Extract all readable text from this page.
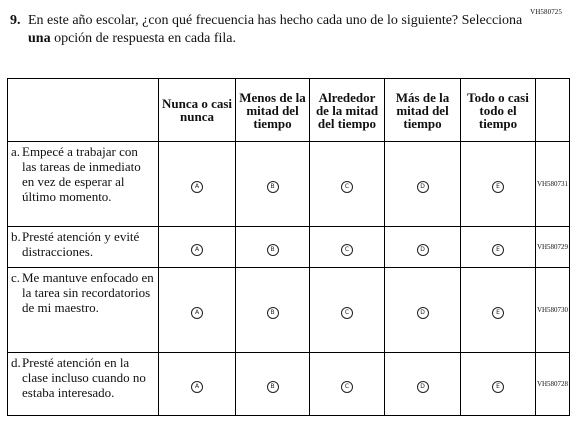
VH580725
9. En este año escolar, ¿con qué frecuencia has hecho cada uno de lo siguiente? Selecciona
una opción de respuesta en cada fila.
	Nunca o casi nunca	Menos de la mitad del tiempo	Alrededor de la mitad del tiempo	Más de la mitad del tiempo	Todo o casi todo el tiempo	

a. Empecé a trabajar con las tareas de inmediato en vez de esperar al último momento.	A	B	C	D	E	VH580731

b. Presté atención y evité distracciones.	A	B	C	D	E	VH580729

c. Me mantuve enfocado en la tarea sin recordatorios de mi maestro.	A	B	C	D	E	VH580730

d. Presté atención en la clase incluso cuando no estaba interesado.	A	B	C	D	E	VH580728
